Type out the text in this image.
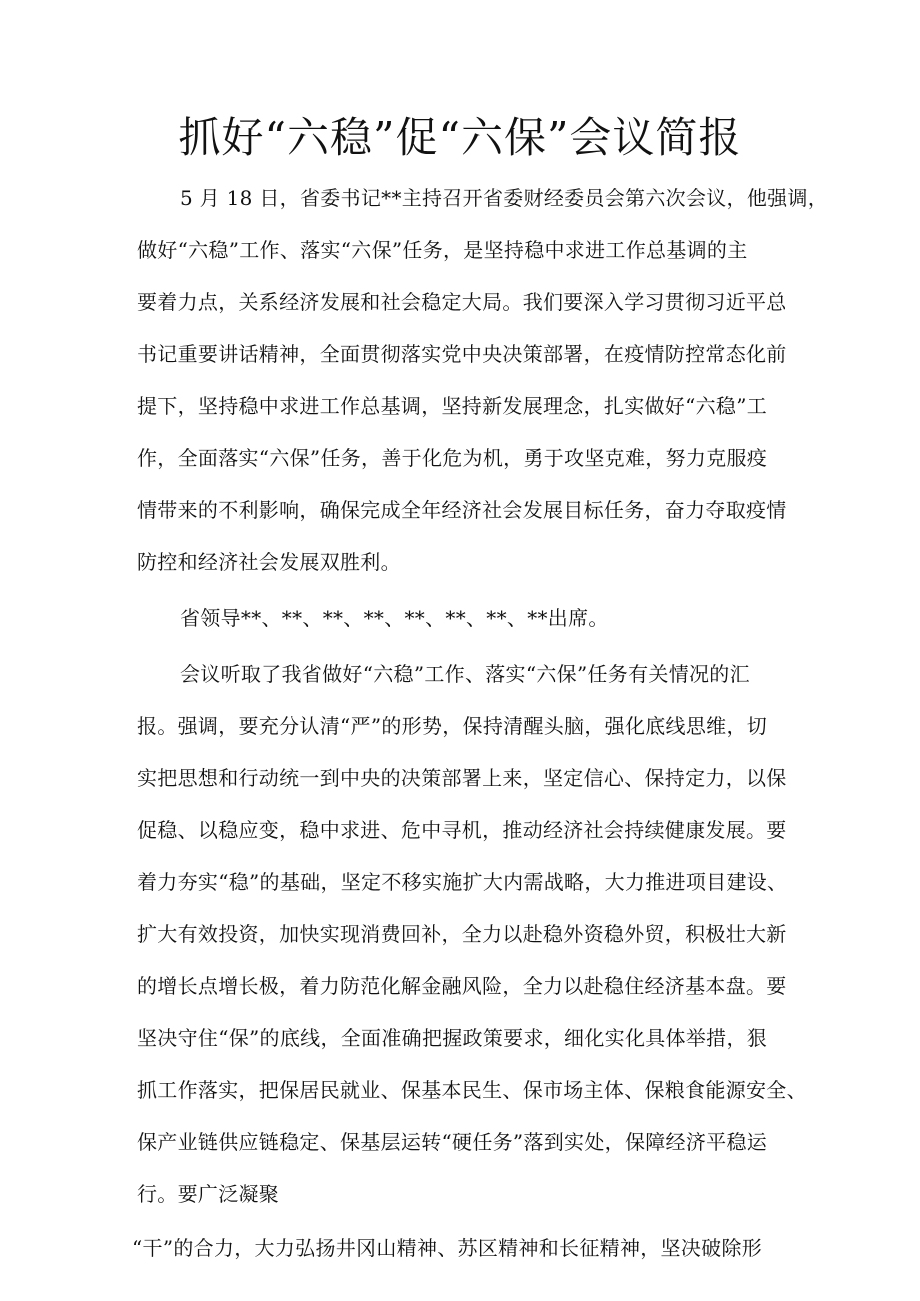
抓好“六稳”促“六保”会议简报
5 月 18 日，省委书记**主持召开省委财经委员会第六次会议，他强调，
做好“六稳”工作、落实“六保”任务，是坚持稳中求进工作总基调的主
要着力点，关系经济发展和社会稳定大局。我们要深入学习贯彻习近平总
书记重要讲话精神，全面贯彻落实党中央决策部署，在疫情防控常态化前
提下，坚持稳中求进工作总基调，坚持新发展理念，扎实做好“六稳”工
作，全面落实“六保”任务，善于化危为机，勇于攻坚克难，努力克服疫
情带来的不利影响，确保完成全年经济社会发展目标任务，奋力夺取疫情
防控和经济社会发展双胜利。
省领导**、**、**、**、**、**、**、**出席。
会议听取了我省做好“六稳”工作、落实“六保”任务有关情况的汇
报。强调，要充分认清“严”的形势，保持清醒头脑，强化底线思维，切
实把思想和行动统一到中央的决策部署上来，坚定信心、保持定力，以保
促稳、以稳应变，稳中求进、危中寻机，推动经济社会持续健康发展。要
着力夯实“稳”的基础，坚定不移实施扩大内需战略，大力推进项目建设、
扩大有效投资，加快实现消费回补，全力以赴稳外资稳外贸，积极壮大新
的增长点增长极，着力防范化解金融风险，全力以赴稳住经济基本盘。要
坚决守住“保”的底线，全面准确把握政策要求，细化实化具体举措，狠
抓工作落实，把保居民就业、保基本民生、保市场主体、保粮食能源安全、
保产业链供应链稳定、保基层运转“硬任务”落到实处，保障经济平稳运
行。要广泛凝聚
“干”的合力，大力弘扬井冈山精神、苏区精神和长征精神，坚决破除形
